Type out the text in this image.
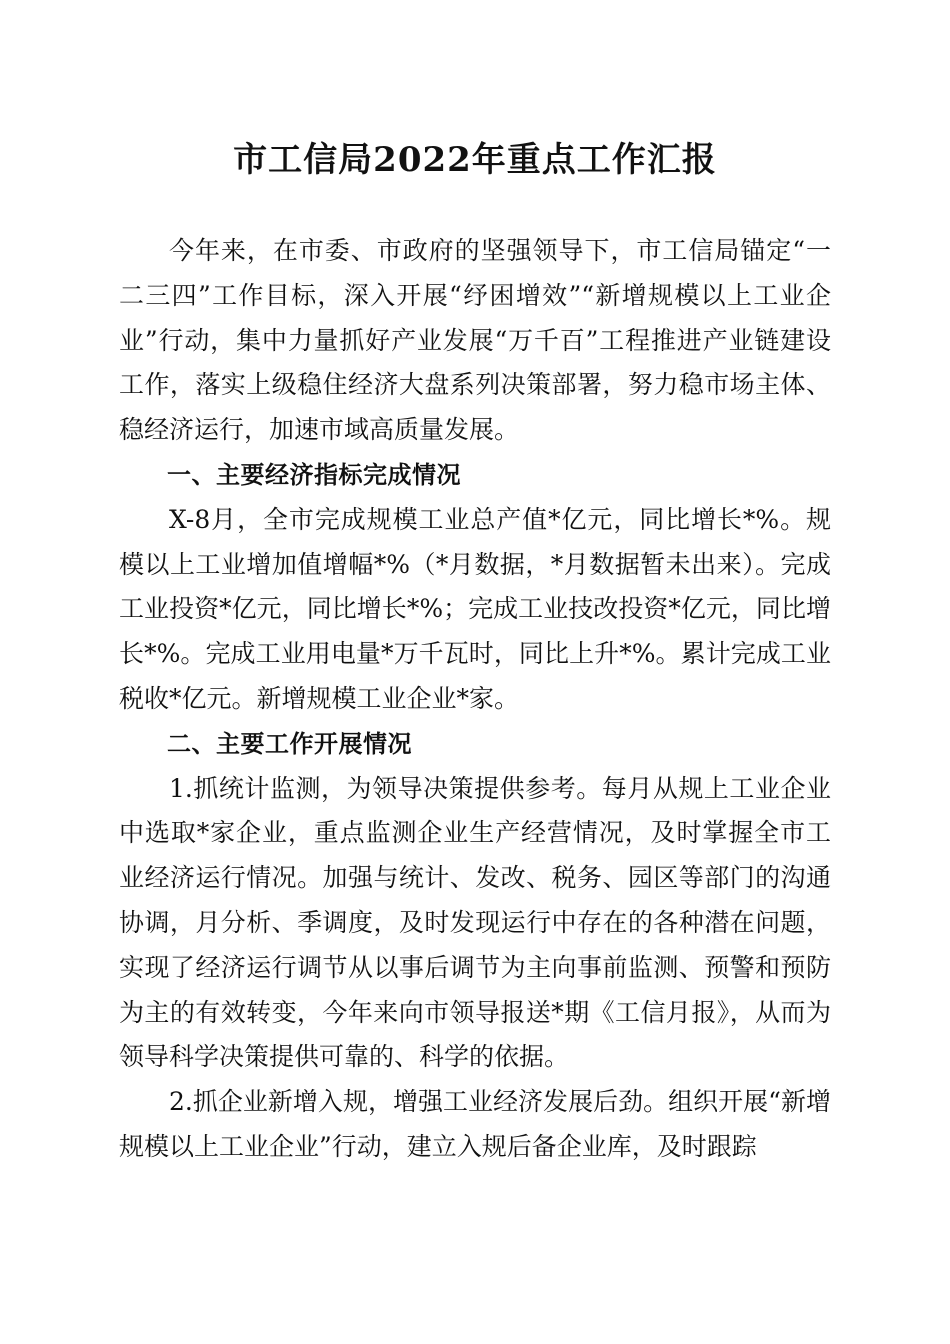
市工信局2022年重点工作汇报

今年来，在市委、市政府的坚强领导下，市工信局锚定“一二三四”工作目标，深入开展“纾困增效”“新增规模以上工业企业”行动，集中力量抓好产业发展“万千百”工程推进产业链建设工作，落实上级稳住经济大盘系列决策部署，努力稳市场主体、稳经济运行，加速市域高质量发展。

一、主要经济指标完成情况

X-8月，全市完成规模工业总产值*亿元，同比增长*%。规模以上工业增加值增幅*%（*月数据，*月数据暂未出来）。完成工业投资*亿元，同比增长*%；完成工业技改投资*亿元，同比增长*%。完成工业用电量*万千瓦时，同比上升*%。累计完成工业税收*亿元。新增规模工业企业*家。

二、主要工作开展情况

1.抓统计监测，为领导决策提供参考。每月从规上工业企业中选取*家企业，重点监测企业生产经营情况，及时掌握全市工业经济运行情况。加强与统计、发改、税务、园区等部门的沟通协调，月分析、季调度，及时发现运行中存在的各种潜在问题，实现了经济运行调节从以事后调节为主向事前监测、预警和预防为主的有效转变，今年来向市领导报送*期《工信月报》，从而为领导科学决策提供可靠的、科学的依据。

2.抓企业新增入规，增强工业经济发展后劲。组织开展“新增规模以上工业企业”行动，建立入规后备企业库，及时跟踪
